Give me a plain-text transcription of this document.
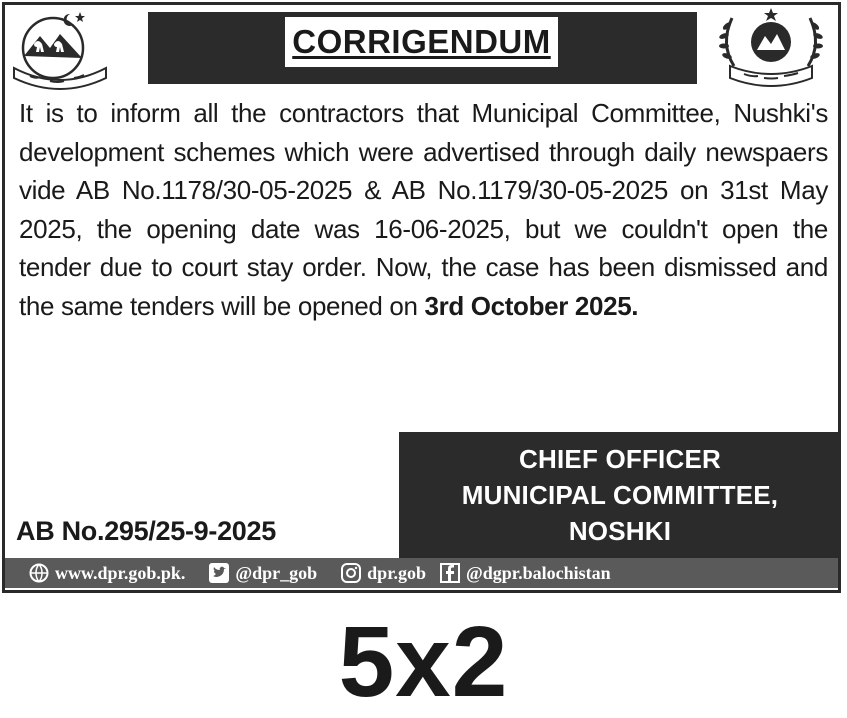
CORRIGENDUM
It is to inform all the contractors that Municipal Committee, Nushki's development schemes which were advertised through daily newspaers vide AB No.1178/30-05-2025 & AB No.1179/30-05-2025 on 31st May 2025, the opening date was 16-06-2025, but we couldn't open the tender due to court stay order. Now, the case has been dismissed and the same tenders will be opened on 3rd October 2025.
CHIEF OFFICER
MUNICIPAL COMMITTEE,
NOSHKI
AB No.295/25-9-2025
www.dpr.gob.pk.	@dpr_gob	dpr.gob @dgpr.balochistan
5x2
